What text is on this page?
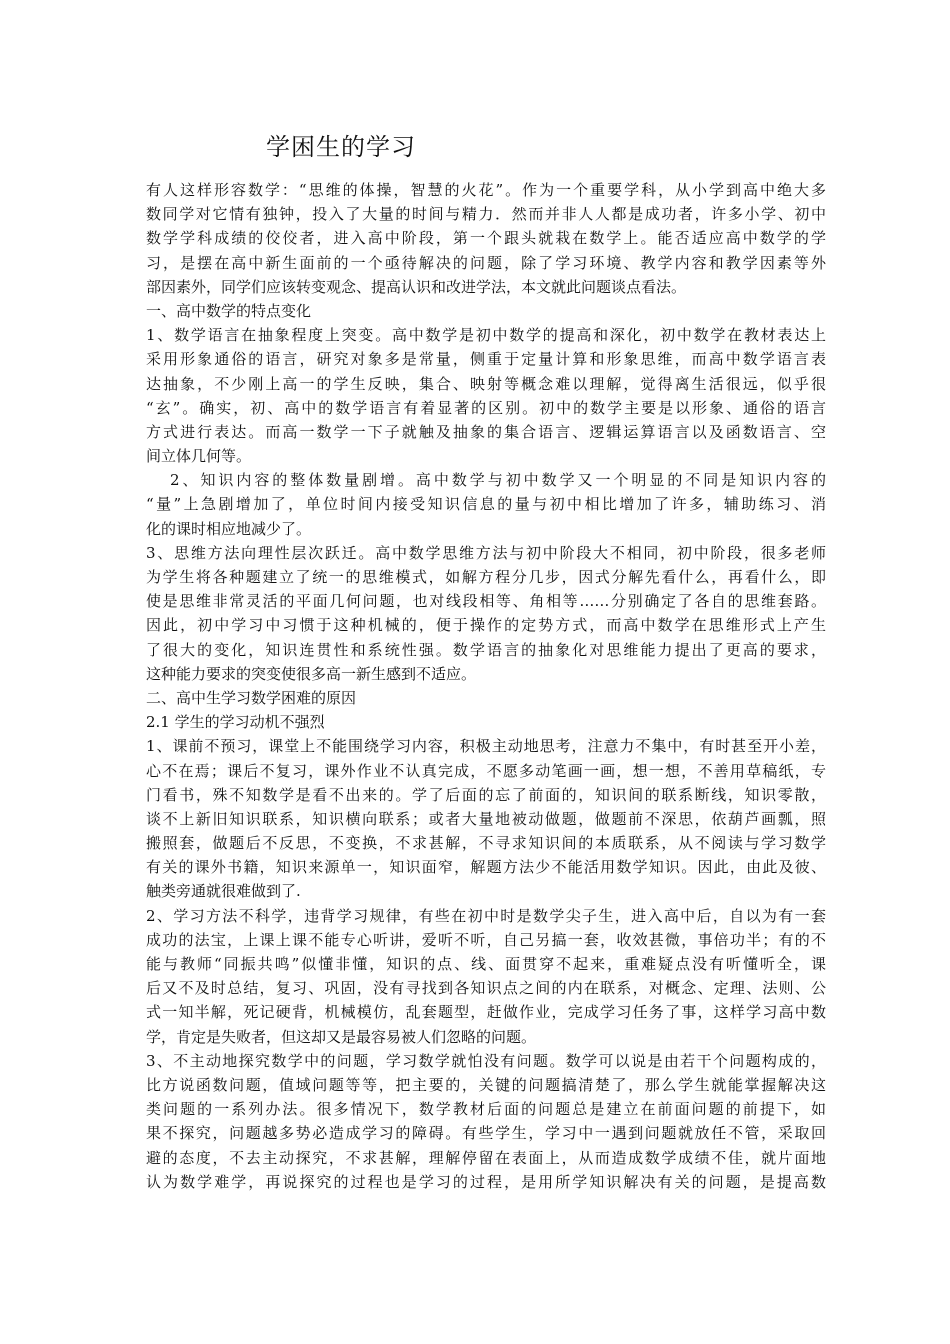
学困生的学习
有人这样形容数学：“思维的体操，智慧的火花”。作为一个重要学科，从小学到高中绝大多
数同学对它情有独钟，投入了大量的时间与精力．然而并非人人都是成功者，许多小学、初中
数学学科成绩的佼佼者，进入高中阶段，第一个跟头就栽在数学上。能否适应高中数学的学
习，是摆在高中新生面前的一个亟待解决的问题，除了学习环境、教学内容和教学因素等外
部因素外，同学们应该转变观念、提高认识和改进学法，本文就此问题谈点看法。
一、高中数学的特点变化
1、数学语言在抽象程度上突变。高中数学是初中数学的提高和深化，初中数学在教材表达上
采用形象通俗的语言，研究对象多是常量，侧重于定量计算和形象思维，而高中数学语言表
达抽象，不少刚上高一的学生反映，集合、映射等概念难以理解，觉得离生活很远，似乎很
“玄”。确实，初、高中的数学语言有着显著的区别。初中的数学主要是以形象、通俗的语言
方式进行表达。而高一数学一下子就触及抽象的集合语言、逻辑运算语言以及函数语言、空
间立体几何等。
2、知识内容的整体数量剧增。高中数学与初中数学又一个明显的不同是知识内容的
“量”上急剧增加了，单位时间内接受知识信息的量与初中相比增加了许多，辅助练习、消
化的课时相应地减少了。
3、思维方法向理性层次跃迁。高中数学思维方法与初中阶段大不相同，初中阶段，很多老师
为学生将各种题建立了统一的思维模式，如解方程分几步，因式分解先看什么，再看什么，即
使是思维非常灵活的平面几何问题，也对线段相等、角相等……分别确定了各自的思维套路。
因此，初中学习中习惯于这种机械的，便于操作的定势方式，而高中数学在思维形式上产生
了很大的变化，知识连贯性和系统性强。数学语言的抽象化对思维能力提出了更高的要求，
这种能力要求的突变使很多高一新生感到不适应。
二、高中生学习数学困难的原因
2.1 学生的学习动机不强烈
1、课前不预习，课堂上不能围绕学习内容，积极主动地思考，注意力不集中，有时甚至开小差，
心不在焉；课后不复习，课外作业不认真完成，不愿多动笔画一画，想一想，不善用草稿纸，专
门看书，殊不知数学是看不出来的。学了后面的忘了前面的，知识间的联系断线，知识零散，
谈不上新旧知识联系，知识横向联系；或者大量地被动做题，做题前不深思，依葫芦画瓢，照
搬照套，做题后不反思，不变换，不求甚解，不寻求知识间的本质联系，从不阅读与学习数学
有关的课外书籍，知识来源单一，知识面窄，解题方法少不能活用数学知识。因此，由此及彼、
触类旁通就很难做到了.
2、学习方法不科学，违背学习规律，有些在初中时是数学尖子生，进入高中后，自以为有一套
成功的法宝，上课上课不能专心听讲，爱听不听，自己另搞一套，收效甚微，事倍功半；有的不
能与教师“同振共鸣”似懂非懂，知识的点、线、面贯穿不起来，重难疑点没有听懂听全，课
后又不及时总结，复习、巩固，没有寻找到各知识点之间的内在联系，对概念、定理、法则、公
式一知半解，死记硬背，机械模仿，乱套题型，赶做作业，完成学习任务了事，这样学习高中数
学，肯定是失败者，但这却又是最容易被人们忽略的问题。
3、不主动地探究数学中的问题，学习数学就怕没有问题。数学可以说是由若干个问题构成的，
比方说函数问题，值域问题等等，把主要的，关键的问题搞清楚了，那么学生就能掌握解决这
类问题的一系列办法。很多情况下，数学教材后面的问题总是建立在前面问题的前提下，如
果不探究，问题越多势必造成学习的障碍。有些学生，学习中一遇到问题就放任不管，采取回
避的态度，不去主动探究，不求甚解，理解停留在表面上，从而造成数学成绩不佳，就片面地
认为数学难学，再说探究的过程也是学习的过程，是用所学知识解决有关的问题，是提高数
